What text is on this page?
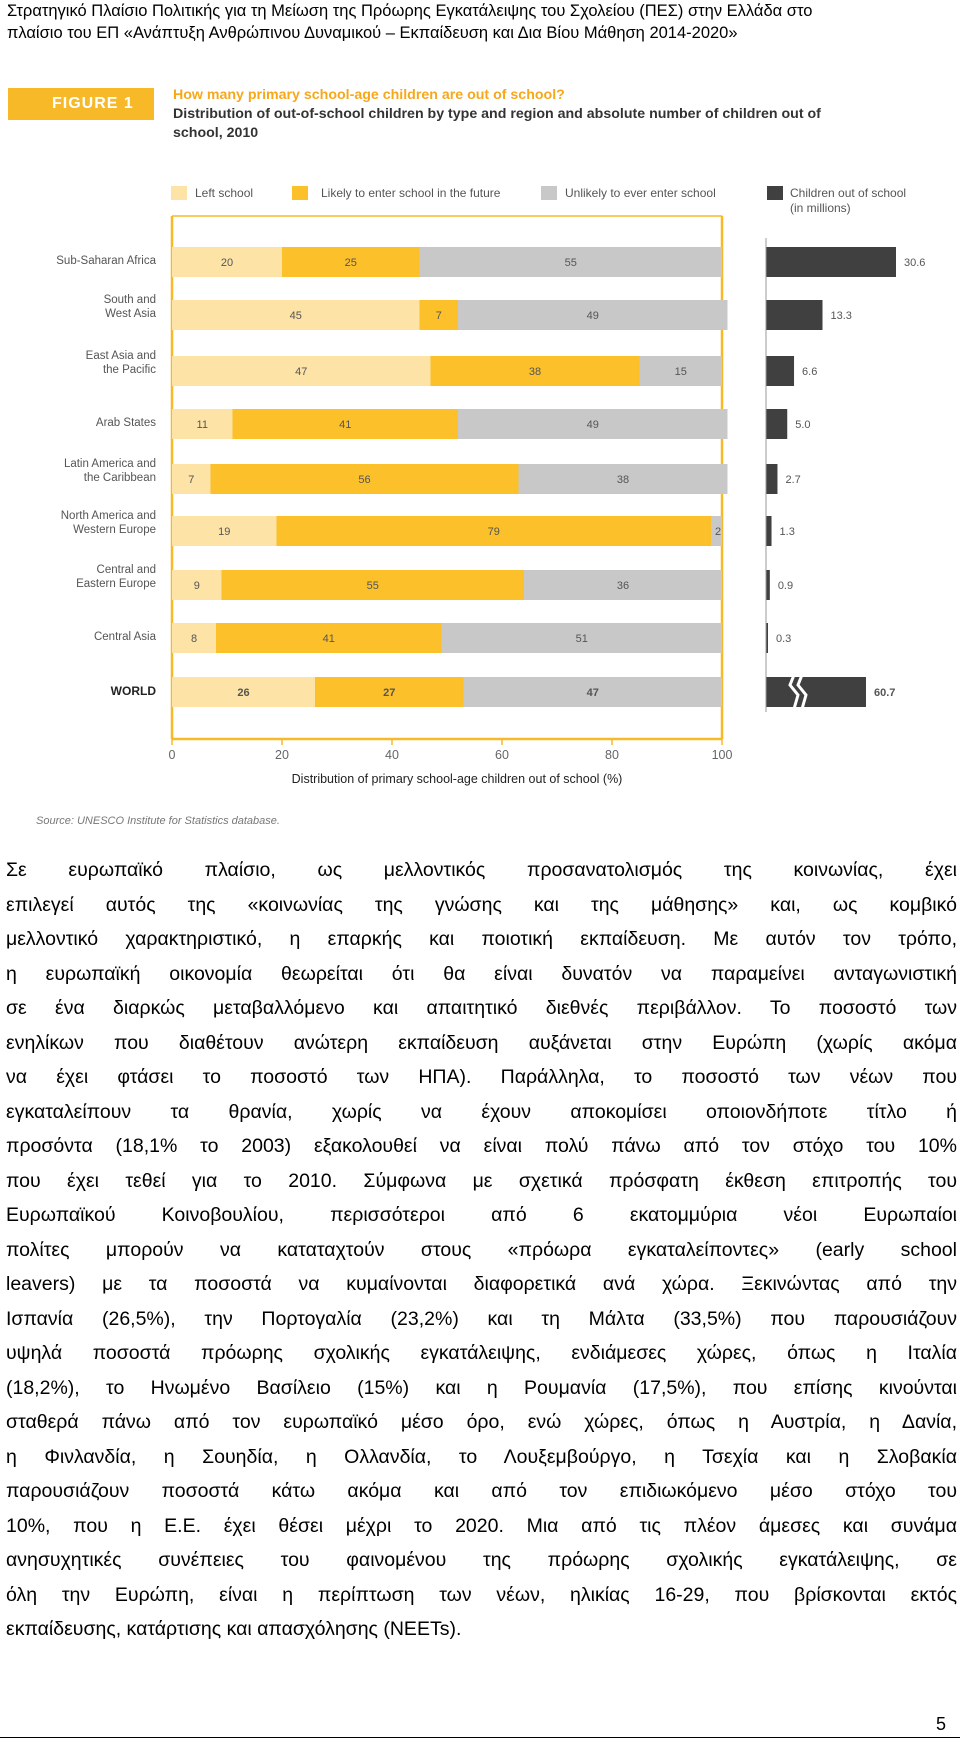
Στρατηγικό Πλαίσιο Πολιτικής για τη Μείωση της Πρόωρης Εγκατάλειψης του Σχολείου (ΠΕΣ) στην Ελλάδα στο
πλαίσιο του ΕΠ «Ανάπτυξη Ανθρώπινου Δυναμικού – Εκπαίδευση και Δια Βίου Μάθηση 2014-2020»
FIGURE 1	How many primary school-age children are out of school?
Distribution of out-of-school children by type and region and absolute number of children out of
school, 2010
Left school	Likely to enter school in the future	Unlikely to ever enter school	Children out of school
(in millions)
Sub-Saharan Africa
South and
West Asia
East Asia and
the Pacific
Arab States
Latin America and
the Caribbean
North America and
Western Europe
Central and
Eastern Europe
Central Asia
WORLD
0	20	40	60	80	100
Distribution of primary school-age children out of school (%)
20	25	55	30.6
45	7	49	13.3
47	38	15	6.6
11	41	49	5.0
7	56	38	2.7
19	79	2	1.3
9	55	36	0.9
8	41	51	0.3
26	27	47	60.7
Source: UNESCO Institute for Statistics database.
Σε ευρωπαϊκό πλαίσιο, ως μελλοντικός προσανατολισμός της κοινωνίας, έχει
επιλεγεί αυτός της «κοινωνίας της γνώσης και της μάθησης» και, ως κομβικό
μελλοντικό χαρακτηριστικό, η επαρκής και ποιοτική εκπαίδευση. Με αυτόν τον τρόπο,
η ευρωπαϊκή οικονομία θεωρείται ότι θα είναι δυνατόν να παραμείνει ανταγωνιστική
σε ένα διαρκώς μεταβαλλόμενο και απαιτητικό διεθνές περιβάλλον. Το ποσοστό των
ενηλίκων που διαθέτουν ανώτερη εκπαίδευση αυξάνεται στην Ευρώπη (χωρίς ακόμα
να έχει φτάσει το ποσοστό των ΗΠΑ). Παράλληλα, το ποσοστό των νέων που
εγκαταλείπουν τα θρανία, χωρίς να έχουν αποκομίσει οποιονδήποτε τίτλο ή
προσόντα (18,1% το 2003) εξακολουθεί να είναι πολύ πάνω από τον στόχο του 10%
που έχει τεθεί για το 2010. Σύμφωνα με σχετικά πρόσφατη έκθεση επιτροπής του
Ευρωπαϊκού Κοινοβουλίου, περισσότεροι από 6 εκατομμύρια νέοι Ευρωπαίοι
πολίτες μπορούν να καταταχτούν στους «πρόωρα εγκαταλείποντες» (early school
leavers) με τα ποσοστά να κυμαίνονται διαφορετικά ανά χώρα. Ξεκινώντας από την
Ισπανία (26,5%), την Πορτογαλία (23,2%) και τη Μάλτα (33,5%) που παρουσιάζουν
υψηλά ποσοστά πρόωρης σχολικής εγκατάλειψης, ενδιάμεσες χώρες, όπως η Ιταλία
(18,2%), το Ηνωμένο Βασίλειο (15%) και η Ρουμανία (17,5%), που επίσης κινούνται
σταθερά πάνω από τον ευρωπαϊκό μέσο όρο, ενώ χώρες, όπως η Αυστρία, η Δανία,
η Φινλανδία, η Σουηδία, η Ολλανδία, το Λουξεμβούργο, η Τσεχία και η Σλοβακία
παρουσιάζουν ποσοστά κάτω ακόμα και από τον επιδιωκόμενο μέσο στόχο του
10%, που η Ε.Ε. έχει θέσει μέχρι το 2020. Μια από τις πλέον άμεσες και συνάμα
ανησυχητικές συνέπειες του φαινομένου της πρόωρης σχολικής εγκατάλειψης, σε
όλη την Ευρώπη, είναι η περίπτωση των νέων, ηλικίας 16-29, που βρίσκονται εκτός
εκπαίδευσης, κατάρτισης και απασχόλησης (NEETs).
5
